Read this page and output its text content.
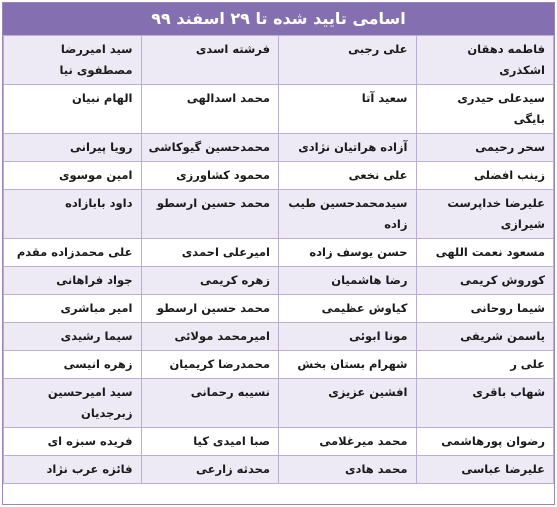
اسامی تایید شده تا ۲۹ اسفند ۹۹
فاطمه دهقان اشکذری	علی رجبی	فرشته اسدی	سید امیررضا مصطفوی نیا
سیدعلی حیدری بایگی	سعید آتا	محمد اسدالهی	الهام نبیان
سحر رحیمی	آزاده هراتیان نژادی	محمدحسین گیوکاشی	رویا پیرانی
زینب افضلی	علی نخعی	محمود کشاورزی	امین موسوی
علیرضا خداپرست شیرازی	سیدمحمدحسین طیب زاده	محمد حسین ارسطو	داود بابازاده
مسعود نعمت اللهی	حسن یوسف زاده	امیرعلی احمدی	علی محمدزاده مقدم
کوروش کریمی	رضا هاشمیان	زهره کریمی	جواد فراهانی
شیما روحانی	کیاوش عظیمی	محمد حسین ارسطو	امیر مباشری
یاسمن شریفی	مونا ابوئی	امیرمحمد مولائی	سیما رشیدی
علی ر	شهرام بستان بخش	محمدرضا کریمیان	زهره انیسی
شهاب باقری	افشین عزیزی	نسیبه رحمانی	سید امیرحسین زبرجدیان
رضوان پورهاشمی	محمد میرغلامی	صبا امیدی کیا	فریده سبزه ای
علیرضا عباسی	محمد هادی	محدثه زارعی	فائزه عرب نژاد
